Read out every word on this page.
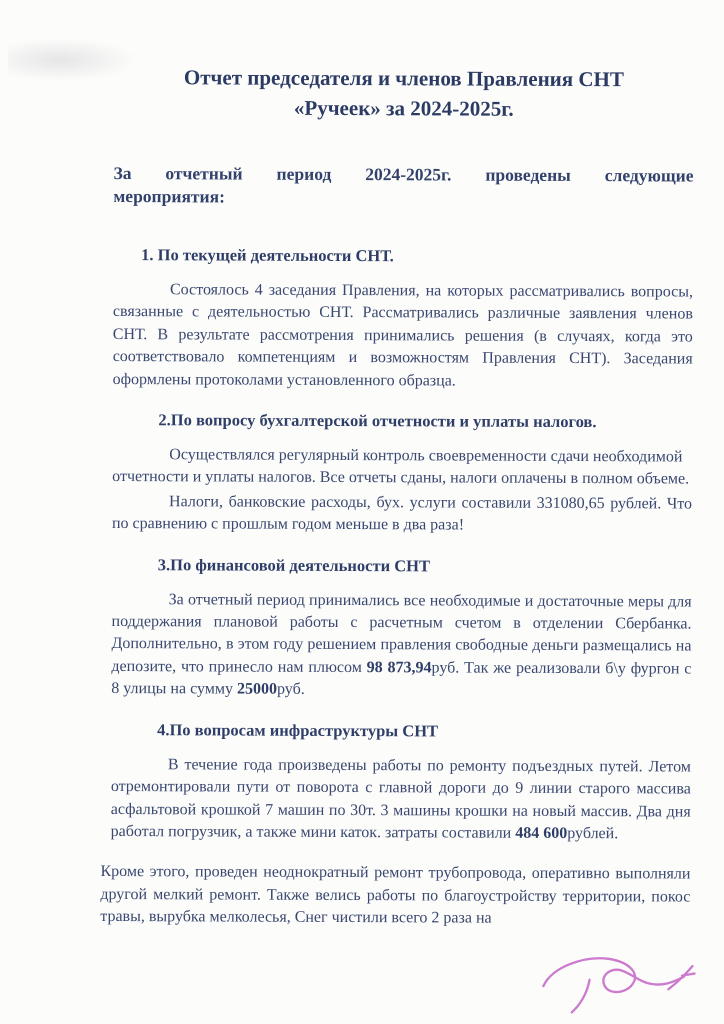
Отчет председателя и членов Правления СНТ
«Ручеек» за 2024-2025г.

За отчетный период 2024-2025г. проведены следующие мероприятия:

1. По текущей деятельности СНТ.

Состоялось 4 заседания Правления, на которых рассматривались вопросы, связанные с деятельностью СНТ. Рассматривались различные заявления членов СНТ. В результате рассмотрения принимались решения (в случаях, когда это соответствовало компетенциям и возможностям Правления СНТ). Заседания оформлены протоколами установленного образца.

2.По вопросу бухгалтерской отчетности и уплаты налогов.

Осуществлялся регулярный контроль своевременности сдачи необходимой отчетности и уплаты налогов. Все отчеты сданы, налоги оплачены в полном объеме.

Налоги, банковские расходы, бух. услуги составили 331080,65 рублей. Что по сравнению с прошлым годом меньше в два раза!

3.По финансовой деятельности СНТ

За отчетный период принимались все необходимые и достаточные меры для поддержания плановой работы с расчетным счетом в отделении Сбербанка. Дополнительно, в этом году решением правления свободные деньги размещались на депозите, что принесло нам плюсом 98 873,94руб. Так же реализовали б\у фургон с 8 улицы на сумму 25000руб.

4.По вопросам инфраструктуры СНТ

В течение года произведены работы по ремонту подъездных путей. Летом отремонтировали пути от поворота с главной дороги до 9 линии старого массива асфальтовой крошкой 7 машин по 30т. 3 машины крошки на новый массив. Два дня работал погрузчик, а также мини каток. затраты составили 484 600рублей.

Кроме этого, проведен неоднократный ремонт трубопровода, оперативно выполняли другой мелкий ремонт. Также велись работы по благоустройству территории, покос травы, вырубка мелколесья, Снег чистили всего 2 раза на
